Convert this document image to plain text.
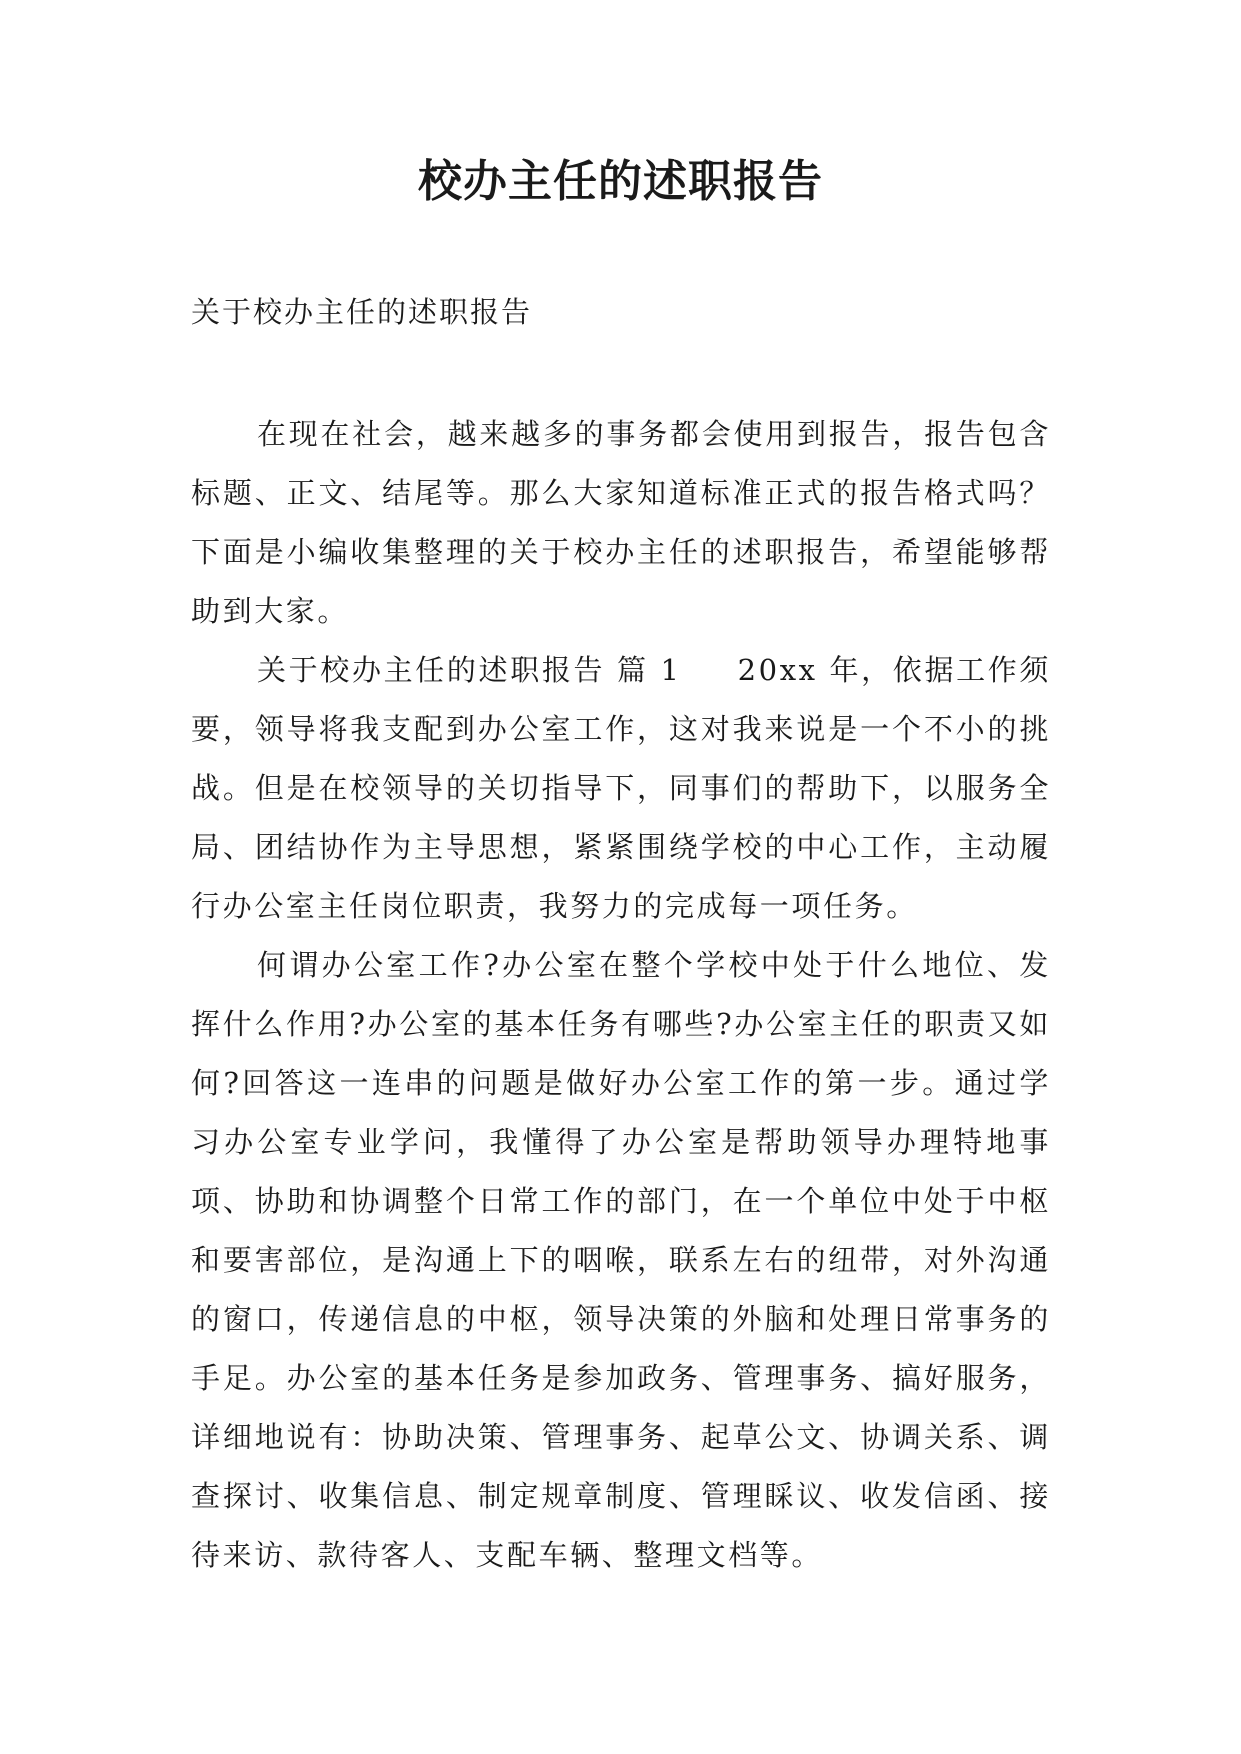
校办主任的述职报告

关于校办主任的述职报告

在现在社会，越来越多的事务都会使用到报告，报告包含标题、正文、结尾等。那么大家知道标准正式的报告格式吗？下面是小编收集整理的关于校办主任的述职报告，希望能够帮助到大家。

关于校办主任的述职报告 篇 1 20xx 年，依据工作须要，领导将我支配到办公室工作，这对我来说是一个不小的挑战。但是在校领导的关切指导下，同事们的帮助下，以服务全局、团结协作为主导思想，紧紧围绕学校的中心工作，主动履行办公室主任岗位职责，我努力的完成每一项任务。

何谓办公室工作?办公室在整个学校中处于什么地位、发挥什么作用?办公室的基本任务有哪些?办公室主任的职责又如何?回答这一连串的问题是做好办公室工作的第一步。通过学习办公室专业学问，我懂得了办公室是帮助领导办理特地事项、协助和协调整个日常工作的部门，在一个单位中处于中枢和要害部位，是沟通上下的咽喉，联系左右的纽带，对外沟通的窗口，传递信息的中枢，领导决策的外脑和处理日常事务的手足。办公室的基本任务是参加政务、管理事务、搞好服务，详细地说有：协助决策、管理事务、起草公文、协调关系、调查探讨、收集信息、制定规章制度、管理睬议、收发信函、接待来访、款待客人、支配车辆、整理文档等。
